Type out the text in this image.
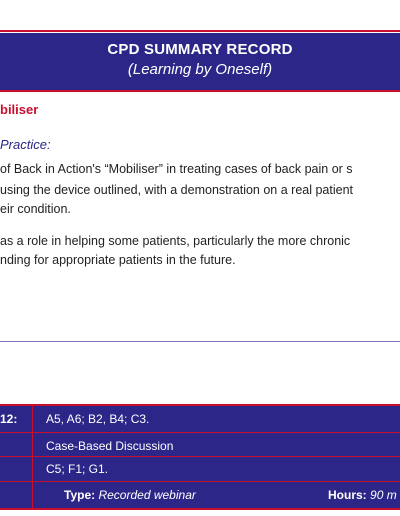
CPD SUMMARY RECORD
(Learning by Oneself)
biliser
Practice:
of Back in Action's “Mobiliser” in treating cases of back pain or s
using the device outlined, with a demonstration on a real patient
eir condition.
as a role in helping some patients, particularly the more chronic
nding for appropriate patients in the future.
12:	A5, A6; B2, B4; C3.
Case-Based Discussion
C5; F1; G1.
Type: Recorded webinar	Hours: 90 m
